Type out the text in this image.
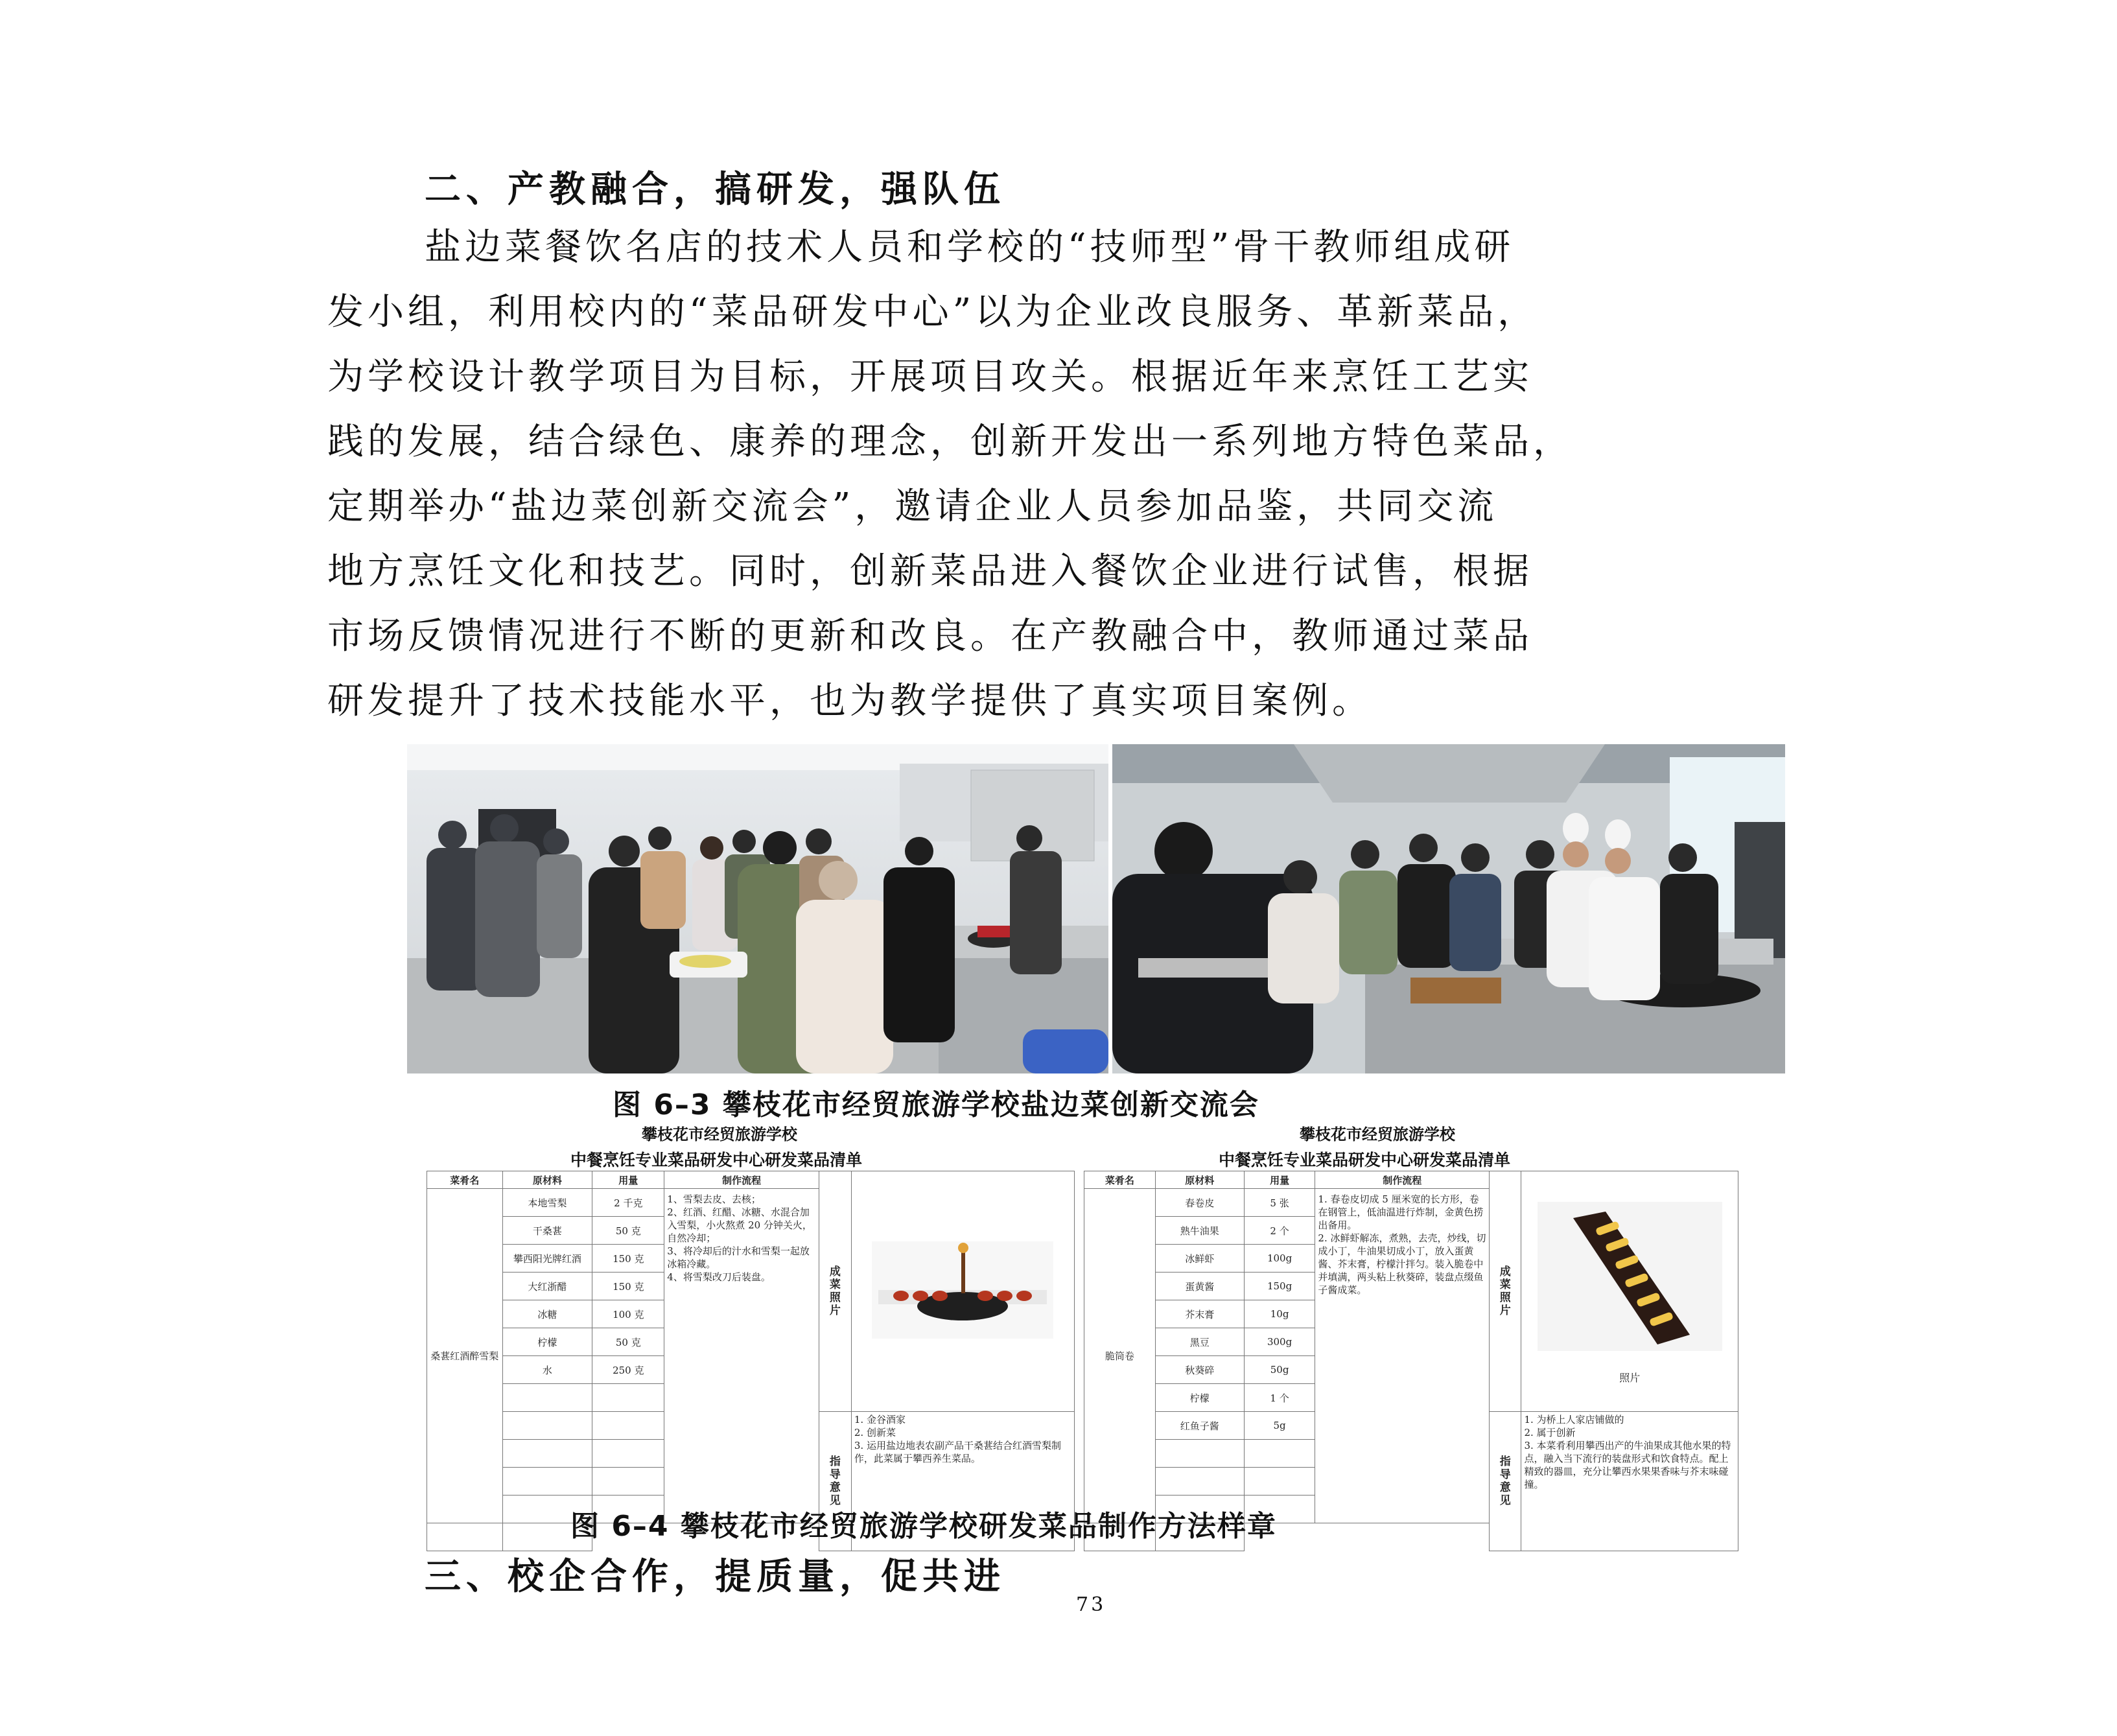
二、产教融合，搞研发，强队伍
盐边菜餐饮名店的技术人员和学校的“技师型”骨干教师组成研
发小组，利用校内的“菜品研发中心”以为企业改良服务、革新菜品，
为学校设计教学项目为目标，开展项目攻关。根据近年来烹饪工艺实
践的发展，结合绿色、康养的理念，创新开发出一系列地方特色菜品，
定期举办“盐边菜创新交流会”，邀请企业人员参加品鉴，共同交流
地方烹饪文化和技艺。同时，创新菜品进入餐饮企业进行试售，根据
市场反馈情况进行不断的更新和改良。在产教融合中，教师通过菜品
研发提升了技术技能水平，也为教学提供了真实项目案例。
图 6–3 攀枝花市经贸旅游学校盐边菜创新交流会
攀枝花市经贸旅游学校
中餐烹饪专业菜品研发中心研发菜品清单
菜肴名	原材料	用量	制作流程	成菜照片	
桑葚红酒醉雪梨	本地雪梨	2 千克	1、雪梨去皮、去核；
2、红酒、红醋、冰糖、水混合加入雪梨，小火熬煮 20 分钟关火，自然冷却；
3、将冷却后的汁水和雪梨一起放冰箱冷藏。
4、将雪梨改刀后装盘。		
	干桑葚	50 克			
	攀西阳光牌红酒	150 克			
	大红浙醋	150 克			
	冰糖	100 克			
	柠檬	50 克			
	水	250 克			

				指导意见	1. 金谷酒家
2. 创新菜
3. 运用盐边地表农副产品干桑葚结合红酒雪梨制作，此菜属于攀西养生菜品。

攀枝花市经贸旅游学校
中餐烹饪专业菜品研发中心研发菜品清单
菜肴名	原材料	用量	制作流程	成菜照片	照片

脆筒卷	春卷皮	5 张	1. 春卷皮切成 5 厘米宽的长方形，卷在钢管上，低油温进行炸制，金黄色捞出备用。
2. 冰鲜虾解冻，煮熟，去壳，炒线，切成小丁，牛油果切成小丁，放入蛋黄酱、芥末膏，柠檬汁拌匀。装入脆卷中并填满，两头粘上秋葵碎，装盘点缀鱼子酱成菜。		
	熟牛油果	2 个			
	冰鲜虾	100g			
	蛋黄酱	150g			
	芥末膏	10g			
	黑豆	300g			
	秋葵碎	50g			
	柠檬	1 个			
	红鱼子酱	5g		指导意见	1. 为桥上人家店铺做的
2. 属于创新
3. 本菜肴利用攀西出产的牛油果成其他水果的特点，融入当下流行的装盘形式和饮食特点。配上精致的器皿，充分让攀西水果果香味与芥末味碰撞。

图 6–4 攀枝花市经贸旅游学校研发菜品制作方法样章
三、校企合作，提质量，促共进
73
